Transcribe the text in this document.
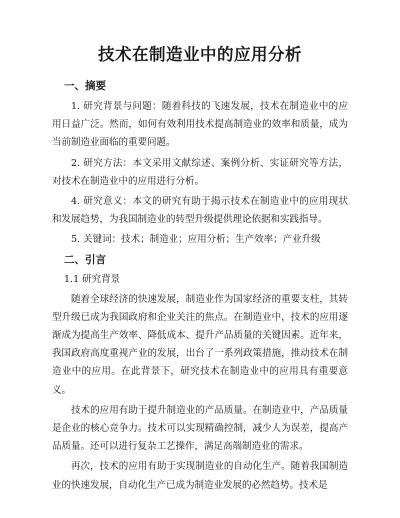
技术在制造业中的应用分析
一、摘要
1. 研究背景与问题：随着科技的飞速发展，技术在制造业中的应用日益广泛。然而，如何有效利用技术提高制造业的效率和质量，成为当前制造业面临的重要问题。
2. 研究方法：本文采用文献综述、案例分析、实证研究等方法，对技术在制造业中的应用进行分析。
4. 研究意义：本文的研究有助于揭示技术在制造业中的应用现状和发展趋势，为我国制造业的转型升级提供理论依据和实践指导。
5. 关键词：技术；制造业；应用分析；生产效率；产业升级
二、引言
1.1 研究背景
随着全球经济的快速发展，制造业作为国家经济的重要支柱，其转型升级已成为我国政府和企业关注的焦点。在制造业中，技术的应用逐渐成为提高生产效率、降低成本、提升产品质量的关键因素。近年来，我国政府高度重视产业的发展，出台了一系列政策措施，推动技术在制造业中的应用。在此背景下，研究技术在制造业中的应用具有重要意义。
技术的应用有助于提升制造业的产品质量。在制造业中，产品质量是企业的核心竞争力。技术可以实现精确控制，减少人为误差，提高产品质量。还可以进行复杂工艺操作，满足高端制造业的需求。
再次，技术的应用有助于实现制造业的自动化生产。随着我国制造业的快速发展，自动化生产已成为制造业发展的必然趋势。技术是
